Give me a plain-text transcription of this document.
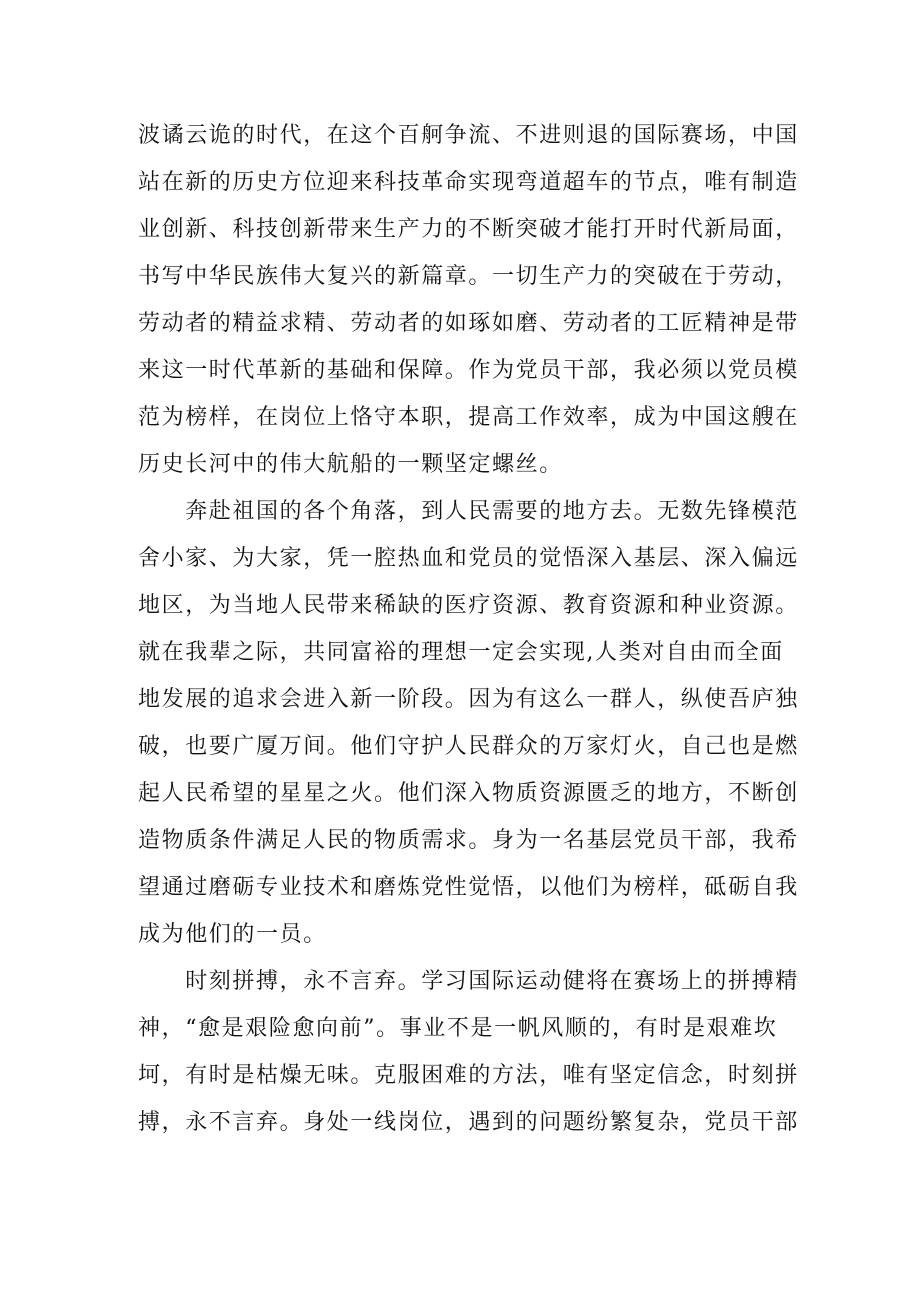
波谲云诡的时代，在这个百舸争流、不进则退的国际赛场，中国
站在新的历史方位迎来科技革命实现弯道超车的节点，唯有制造
业创新、科技创新带来生产力的不断突破才能打开时代新局面，
书写中华民族伟大复兴的新篇章。一切生产力的突破在于劳动，
劳动者的精益求精、劳动者的如琢如磨、劳动者的工匠精神是带
来这一时代革新的基础和保障。作为党员干部，我必须以党员模
范为榜样，在岗位上恪守本职，提高工作效率，成为中国这艘在
历史长河中的伟大航船的一颗坚定螺丝。
　　奔赴祖国的各个角落，到人民需要的地方去。无数先锋模范
舍小家、为大家，凭一腔热血和党员的觉悟深入基层、深入偏远
地区，为当地人民带来稀缺的医疗资源、教育资源和种业资源。
就在我辈之际，共同富裕的理想一定会实现,人类对自由而全面
地发展的追求会进入新一阶段。因为有这么一群人，纵使吾庐独
破，也要广厦万间。他们守护人民群众的万家灯火，自己也是燃
起人民希望的星星之火。他们深入物质资源匮乏的地方，不断创
造物质条件满足人民的物质需求。身为一名基层党员干部，我希
望通过磨砺专业技术和磨炼党性觉悟，以他们为榜样，砥砺自我
成为他们的一员。
　　时刻拼搏，永不言弃。学习国际运动健将在赛场上的拼搏精
神，“愈是艰险愈向前”。事业不是一帆风顺的，有时是艰难坎
坷，有时是枯燥无味。克服困难的方法，唯有坚定信念，时刻拼
搏，永不言弃。身处一线岗位，遇到的问题纷繁复杂，党员干部
